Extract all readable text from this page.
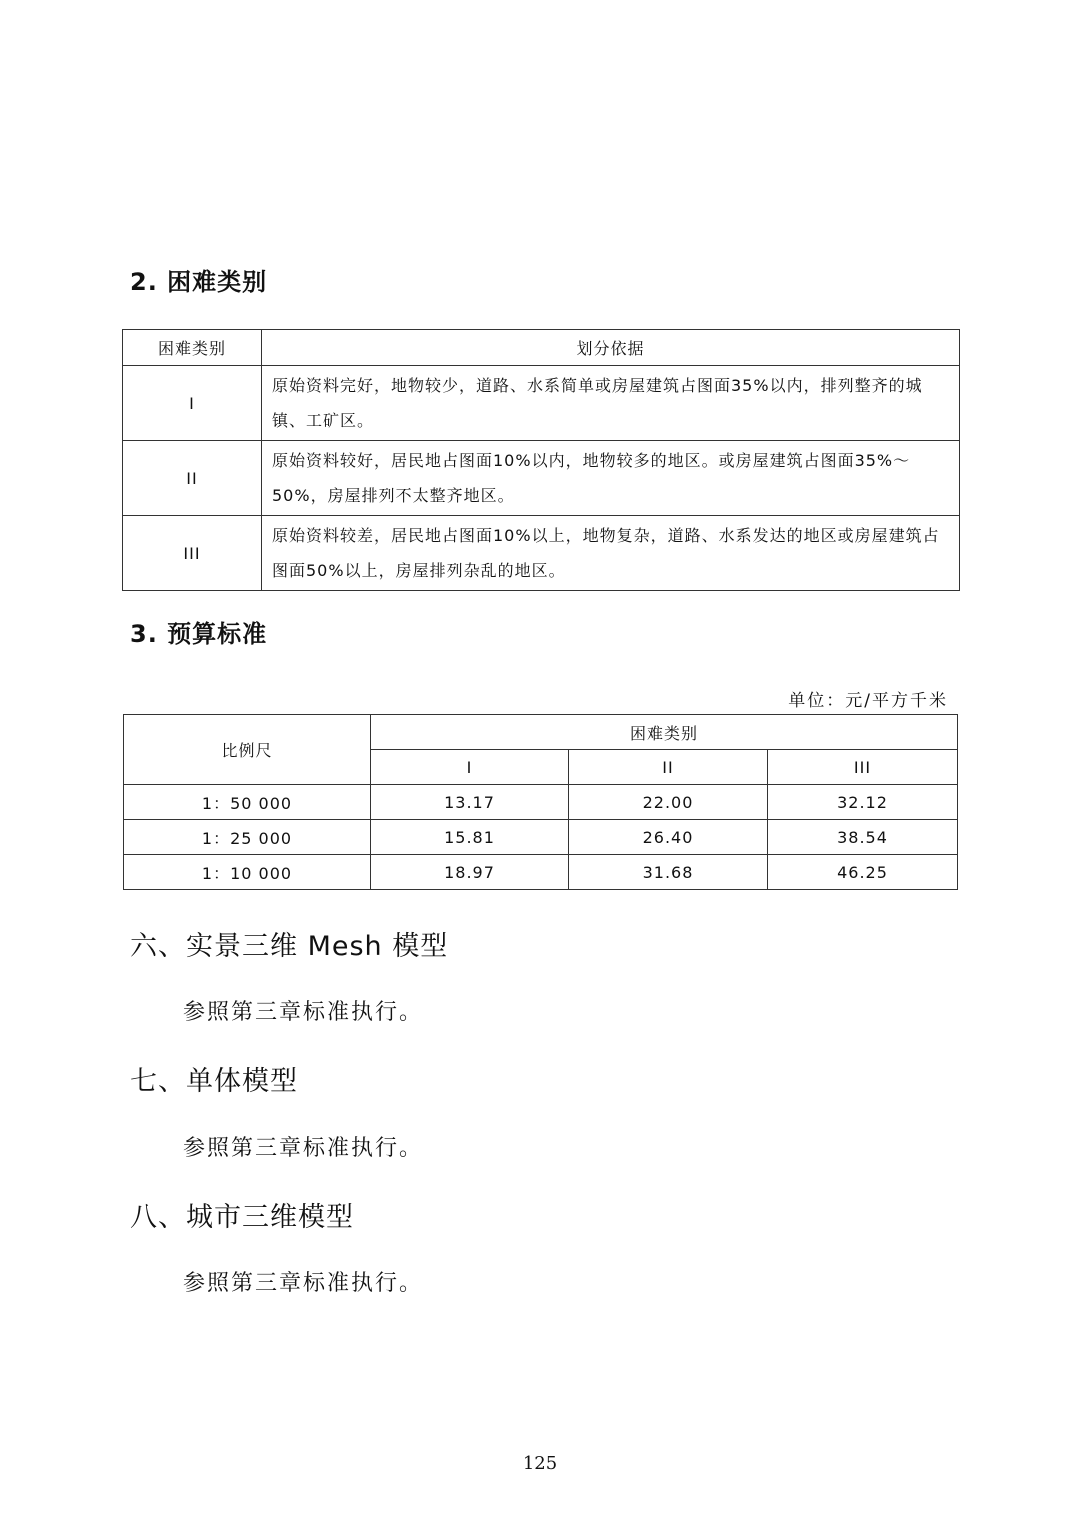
2. 困难类别
困难类别	划分依据
I	原始资料完好，地物较少，道路、水系简单或房屋建筑占图面35%以内，排列整齐的城镇、工矿区。
II	原始资料较好，居民地占图面10%以内，地物较多的地区。或房屋建筑占图面35%～50%，房屋排列不太整齐地区。
III	原始资料较差，居民地占图面10%以上，地物复杂，道路、水系发达的地区或房屋建筑占图面50%以上，房屋排列杂乱的地区。
3. 预算标准
单位：元/平方千米
比例尺	困难类别		
	I	II	III
1：50 000	13.17	22.00	32.12
1：25 000	15.81	26.40	38.54
1：10 000	18.97	31.68	46.25
六、实景三维 Mesh 模型
参照第三章标准执行。
七、单体模型
参照第三章标准执行。
八、城市三维模型
参照第三章标准执行。
125
